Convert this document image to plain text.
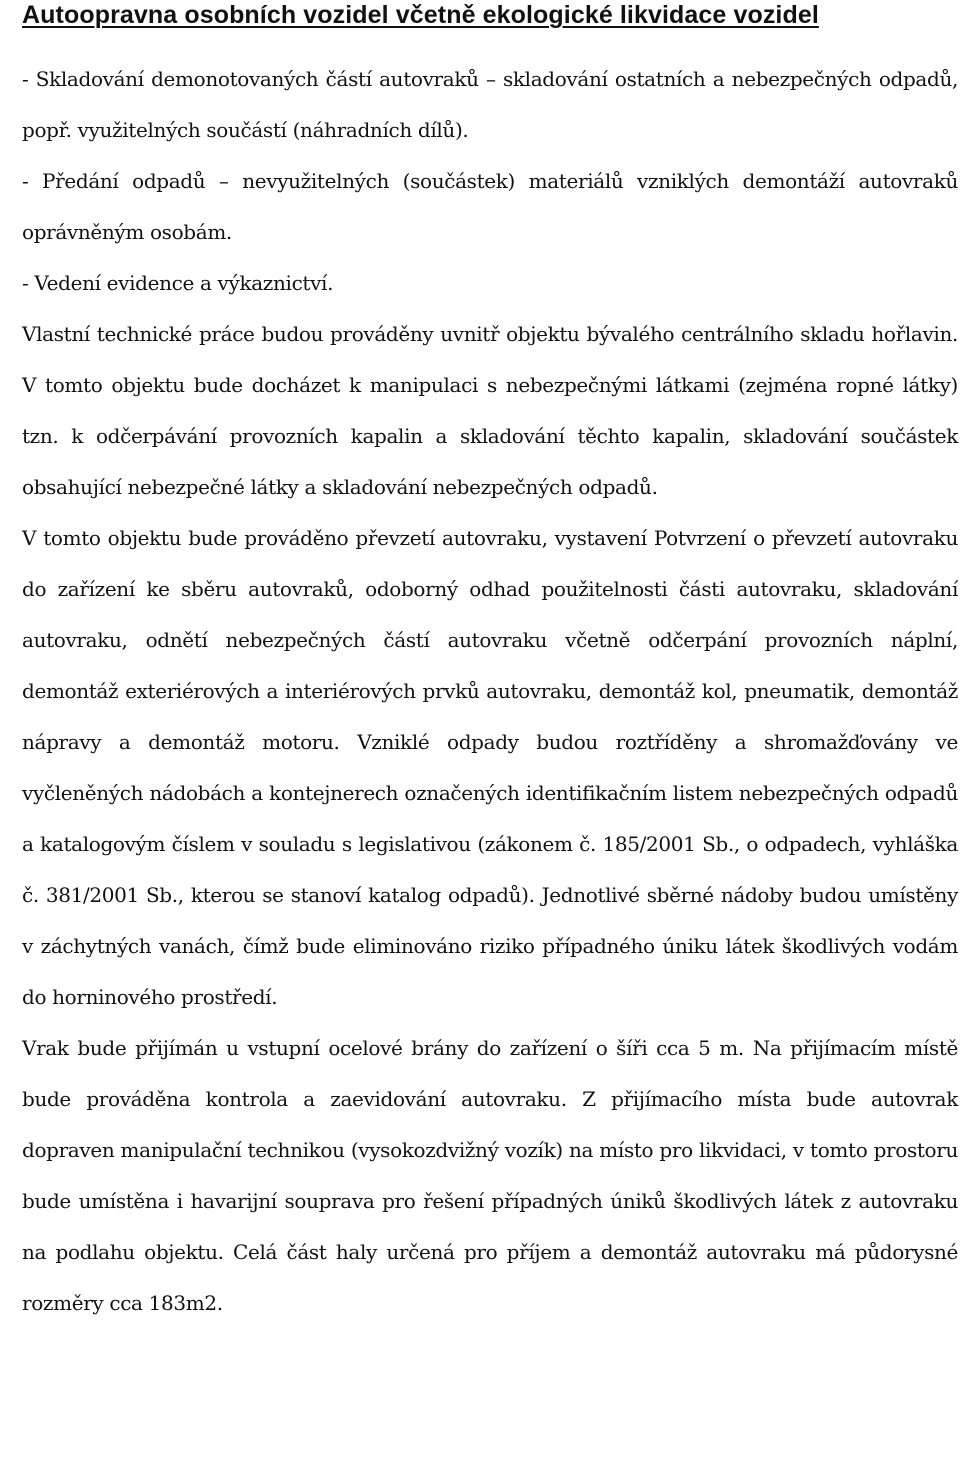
Autoopravna osobních vozidel včetně ekologické likvidace vozidel

- Skladování demonotovaných částí autovraků – skladování ostatních a nebezpečných odpadů, popř. využitelných součástí (náhradních dílů).

- Předání odpadů – nevyužitelných (součástek) materiálů vzniklých demontáží autovraků oprávněným osobám.

- Vedení evidence a výkaznictví.

Vlastní technické práce budou prováděny uvnitř objektu bývalého centrálního skladu hořlavin. V tomto objektu bude docházet k manipulaci s nebezpečnými látkami (zejména ropné látky) tzn. k odčerpávání provozních kapalin a skladování těchto kapalin, skladování součástek obsahující nebezpečné látky a skladování nebezpečných odpadů.

V tomto objektu bude prováděno převzetí autovraku, vystavení Potvrzení o převzetí autovraku do zařízení ke sběru autovraků, odoborný odhad použitelnosti části autovraku, skladování autovraku, odnětí nebezpečných částí autovraku včetně odčerpání provozních náplní, demontáž exteriérových a interiérových prvků autovraku, demontáž kol, pneumatik, demontáž nápravy a demontáž motoru. Vzniklé odpady budou roztříděny a shromažďovány ve vyčleněných nádobách a kontejnerech označených identifikačním listem nebezpečných odpadů a katalogovým číslem v souladu s legislativou (zákonem č. 185/2001 Sb., o odpadech, vyhláška č. 381/2001 Sb., kterou se stanoví katalog odpadů). Jednotlivé sběrné nádoby budou umístěny v záchytných vanách, čímž bude eliminováno riziko případného úniku látek škodlivých vodám do horninového prostředí.

Vrak bude přijímán u vstupní ocelové brány do zařízení o šíři cca 5 m. Na přijímacím místě bude prováděna kontrola a zaevidování autovraku. Z přijímacího místa bude autovrak dopraven manipulační technikou (vysokozdvižný vozík) na místo pro likvidaci, v tomto prostoru bude umístěna i havarijní souprava pro řešení případných úniků škodlivých látek z autovraku na podlahu objektu. Celá část haly určená pro příjem a demontáž autovraku má půdorysné rozměry cca 183m2.
